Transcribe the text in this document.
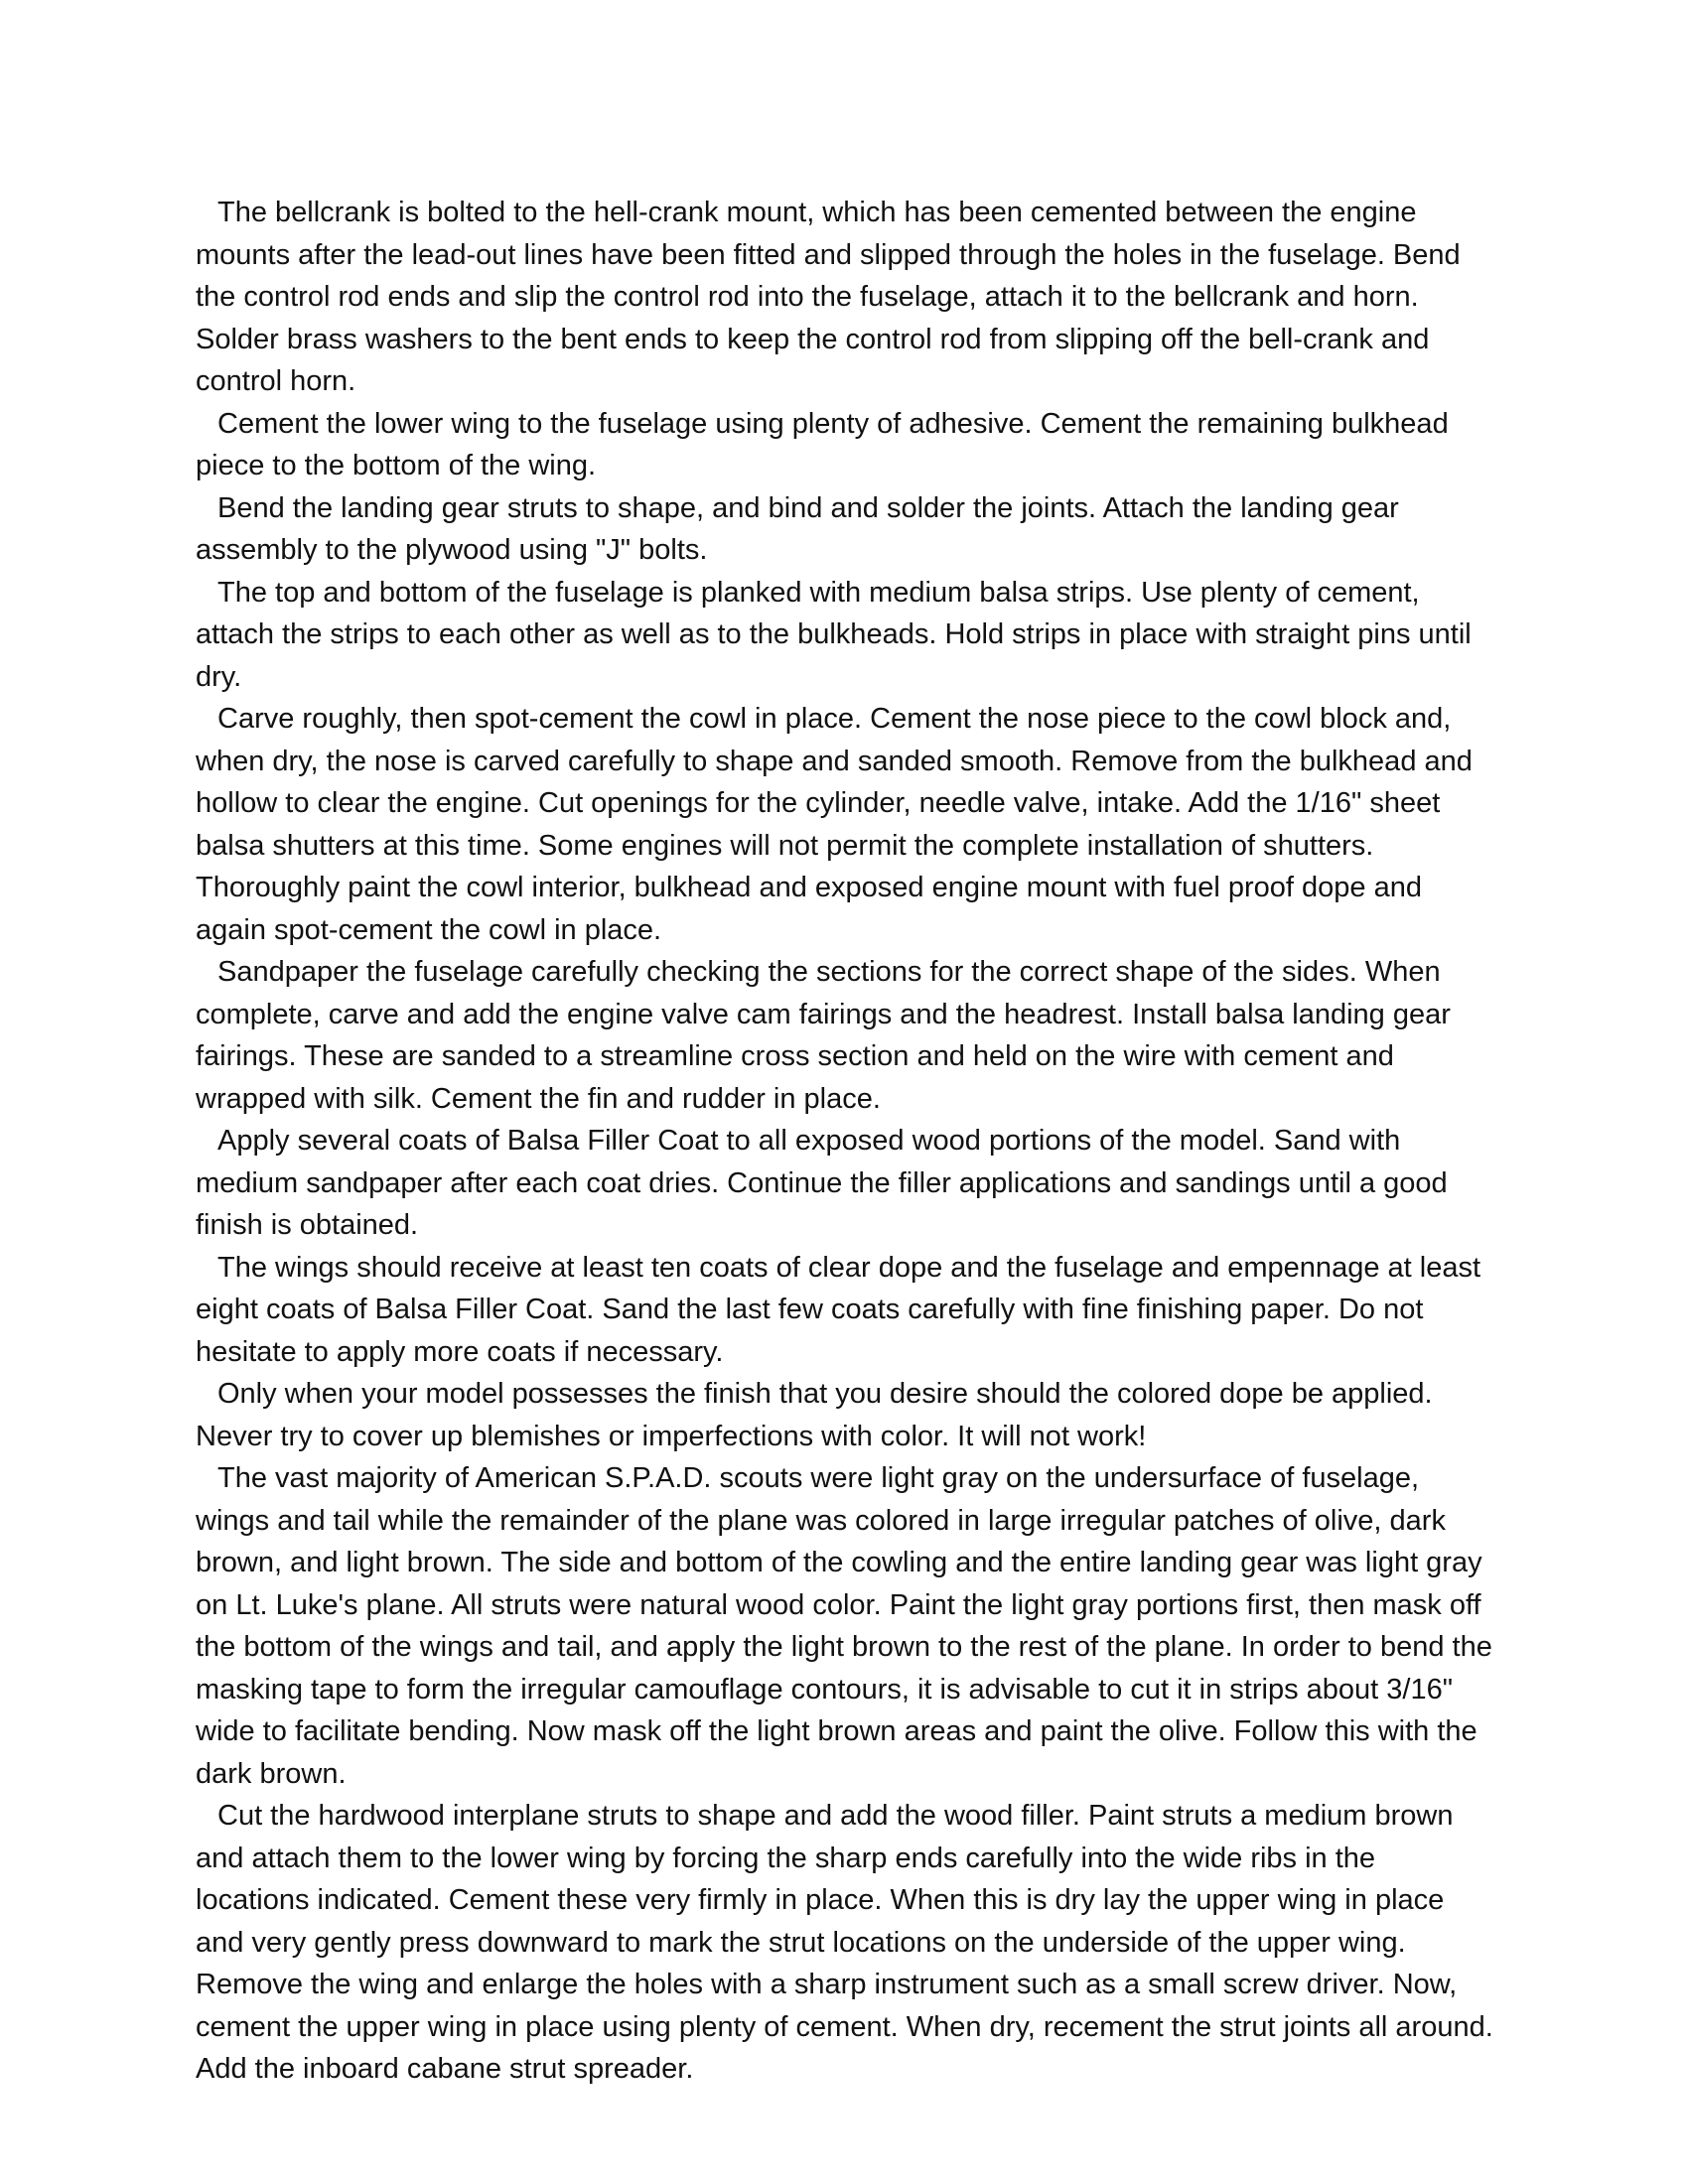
The bellcrank is bolted to the hell-crank mount, which has been cemented between the engine mounts after the lead-out lines have been fitted and slipped through the holes in the fuselage. Bend the control rod ends and slip the control rod into the fuselage, attach it to the bellcrank and horn. Solder brass washers to the bent ends to keep the control rod from slipping off the bell-crank and control horn.

Cement the lower wing to the fuselage using plenty of adhesive. Cement the remaining bulkhead piece to the bottom of the wing.

Bend the landing gear struts to shape, and bind and solder the joints. Attach the landing gear assembly to the plywood using "J" bolts.

The top and bottom of the fuselage is planked with medium balsa strips. Use plenty of cement, attach the strips to each other as well as to the bulkheads. Hold strips in place with straight pins until dry.

Carve roughly, then spot-cement the cowl in place. Cement the nose piece to the cowl block and, when dry, the nose is carved carefully to shape and sanded smooth. Remove from the bulkhead and hollow to clear the engine. Cut openings for the cylinder, needle valve, intake. Add the 1/16" sheet balsa shutters at this time. Some engines will not permit the complete installation of shutters. Thoroughly paint the cowl interior, bulkhead and exposed engine mount with fuel proof dope and again spot-cement the cowl in place.

Sandpaper the fuselage carefully checking the sections for the correct shape of the sides. When complete, carve and add the engine valve cam fairings and the headrest. Install balsa landing gear fairings. These are sanded to a streamline cross section and held on the wire with cement and wrapped with silk. Cement the fin and rudder in place.

Apply several coats of Balsa Filler Coat to all exposed wood portions of the model. Sand with medium sandpaper after each coat dries. Continue the filler applications and sandings until a good finish is obtained.

The wings should receive at least ten coats of clear dope and the fuselage and empennage at least eight coats of Balsa Filler Coat. Sand the last few coats carefully with fine finishing paper. Do not hesitate to apply more coats if necessary.

Only when your model possesses the finish that you desire should the colored dope be applied. Never try to cover up blemishes or imperfections with color. It will not work!

The vast majority of American S.P.A.D. scouts were light gray on the undersurface of fuselage, wings and tail while the remainder of the plane was colored in large irregular patches of olive, dark brown, and light brown. The side and bottom of the cowling and the entire landing gear was light gray on Lt. Luke's plane. All struts were natural wood color. Paint the light gray portions first, then mask off the bottom of the wings and tail, and apply the light brown to the rest of the plane. In order to bend the masking tape to form the irregular camouflage contours, it is advisable to cut it in strips about 3/16" wide to facilitate bending. Now mask off the light brown areas and paint the olive. Follow this with the dark brown.

Cut the hardwood interplane struts to shape and add the wood filler. Paint struts a medium brown and attach them to the lower wing by forcing the sharp ends carefully into the wide ribs in the locations indicated. Cement these very firmly in place. When this is dry lay the upper wing in place and very gently press downward to mark the strut locations on the underside of the upper wing. Remove the wing and enlarge the holes with a sharp instrument such as a small screw driver. Now, cement the upper wing in place using plenty of cement. When dry, recement the strut joints all around. Add the inboard cabane strut spreader.
